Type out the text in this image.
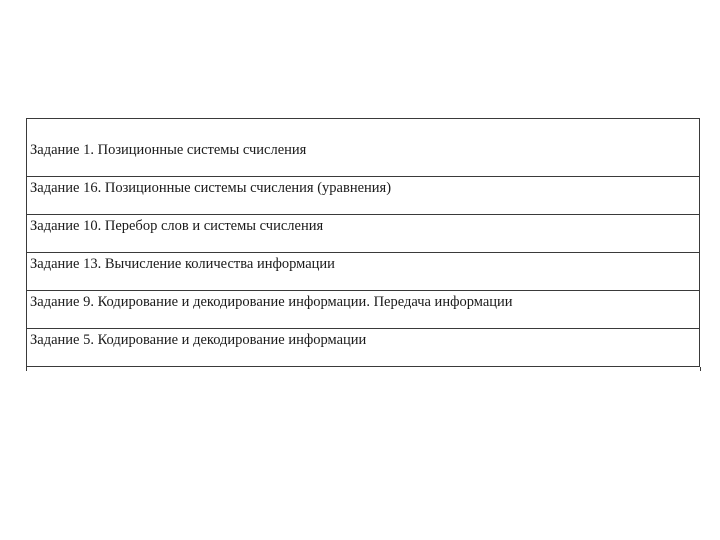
Задание 1. Позиционные системы счисления
Задание 16. Позиционные системы счисления (уравнения)
Задание 10. Перебор слов и системы счисления
Задание 13. Вычисление количества информации
Задание 9. Кодирование и декодирование информации. Передача информации
Задание 5. Кодирование и декодирование информации
